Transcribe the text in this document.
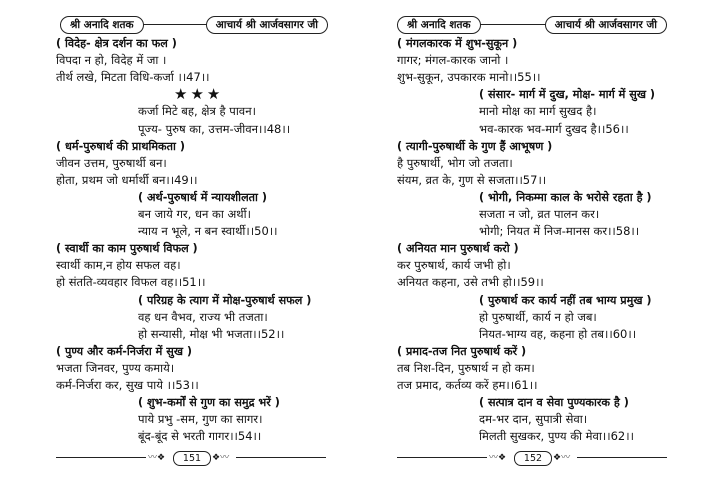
श्री अनादि शतक	आचार्य श्री आर्जवसागर जी
( विदेह- क्षेत्र दर्शन का फल )
विपदा न हो, विदेह में जा ।
तीर्थ लखे, मिटता विधि-कर्जा ।।47।।
★★★
कर्जा मिटे बह, क्षेत्र है पावन।
पूज्य- पुरुष का, उत्तम-जीवन।।48।।
( धर्म-पुरुषार्थ की प्राथमिकता )
जीवन उत्तम, पुरुषार्थी बन।
होता, प्रथम जो धर्मार्थी बन।।49।।
( अर्थ-पुरुषार्थ में न्यायशीलता )
बन जाये गर, धन का अर्थी।
न्याय न भूले, न बन स्वार्थी।।50।।
( स्वार्थी का काम पुरुषार्थ विफल )
स्वार्थी काम,न होय सफल वह।
हो संतति-व्यवहार विफल वह।।51।।
( परिग्रह के त्याग में मोक्ष-पुरुषार्थ सफल )
वह धन वैभव, राज्य भी तजता।
हो सन्यासी, मोक्ष भी भजता।।52।।
( पुण्य और कर्म-निर्जरा में सुख )
भजता जिनवर, पुण्य कमाये।
कर्म-निर्जरा कर, सुख पाये ।।53।।
( शुभ-कर्मों से गुण का समुद्र भरें )
पाये प्रभु -सम, गुण का सागर।
बूंद-बूंद से भरती गागर।।54।।
〰❖	151	❖〰
श्री अनादि शतक	आचार्य श्री आर्जवसागर जी
( मंगलकारक में शुभ-सुकून )
गागर; मंगल-कारक जानो ।
शुभ-सुकून, उपकारक मानो।।55।।
( संसार- मार्ग में दुख, मोक्ष- मार्ग में सुख )
मानो मोक्ष का मार्ग सुखद है।
भव-कारक भव-मार्ग दुखद है।।56।।
( त्यागी-पुरुषार्थी के गुण हैं आभूषण )
है पुरुषार्थी, भोग जो तजता।
संयम, व्रत के, गुण से सजता।।57।।
( भोगी, निकम्मा काल के भरोसे रहता है )
सजता न जो, व्रत पालन कर।
भोगी; नियत में निज-मानस कर।।58।।
( अनियत मान पुरुषार्थ करो )
कर पुरुषार्थ, कार्य जभी हो।
अनियत कहना, उसे तभी हो।।59।।
( पुरुषार्थ कर कार्य नहीं तब भाग्य प्रमुख )
हो पुरुषार्थी, कार्य न हो जब।
नियत-भाग्य वह, कहना हो तब।।60।।
( प्रमाद-तज नित पुरुषार्थ करें )
तब निश-दिन, पुरुषार्थ न हो कम।
तज प्रमाद, कर्तव्य करें हम।।61।।
( सत्पात्र दान व सेवा पुण्यकारक है )
दम-भर दान, सुपात्री सेवा।
मिलती सुखकर, पुण्य की मेवा।।62।।
〰❖	152	❖〰
